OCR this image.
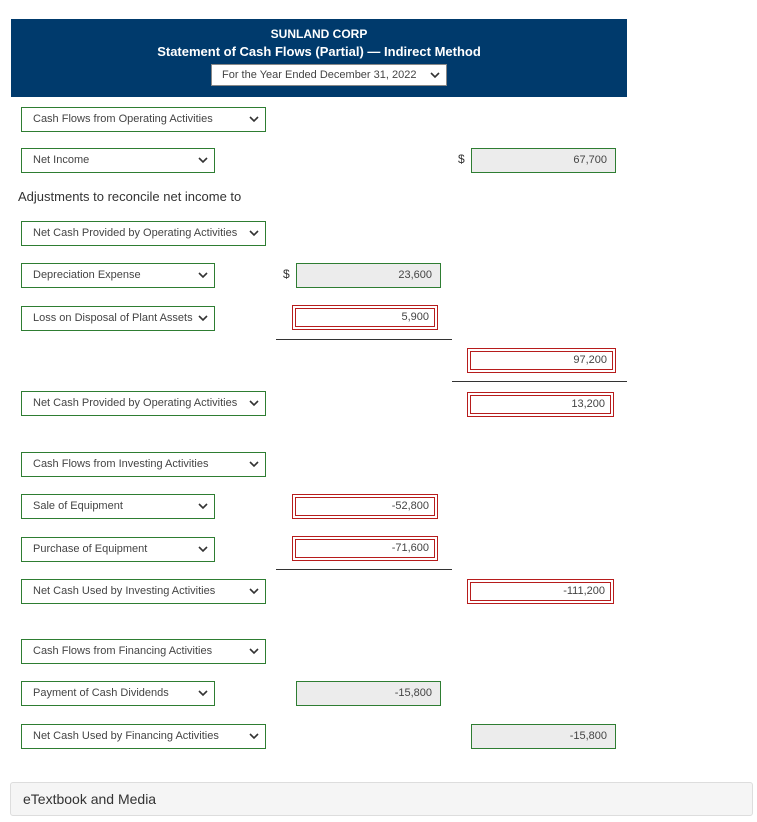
SUNLAND CORP
Statement of Cash Flows (Partial) — Indirect Method
For the Year Ended December 31, 2022
Cash Flows from Operating Activities
Net Income	$	67,700
Adjustments to reconcile net income to
Net Cash Provided by Operating Activities
Depreciation Expense	$	23,600
Loss on Disposal of Plant Assets	5,900
97,200
Net Cash Provided by Operating Activities	13,200
Cash Flows from Investing Activities
Sale of Equipment	-52,800
Purchase of Equipment	-71,600
Net Cash Used by Investing Activities	-111,200
Cash Flows from Financing Activities
Payment of Cash Dividends	-15,800
Net Cash Used by Financing Activities	-15,800
eTextbook and Media
